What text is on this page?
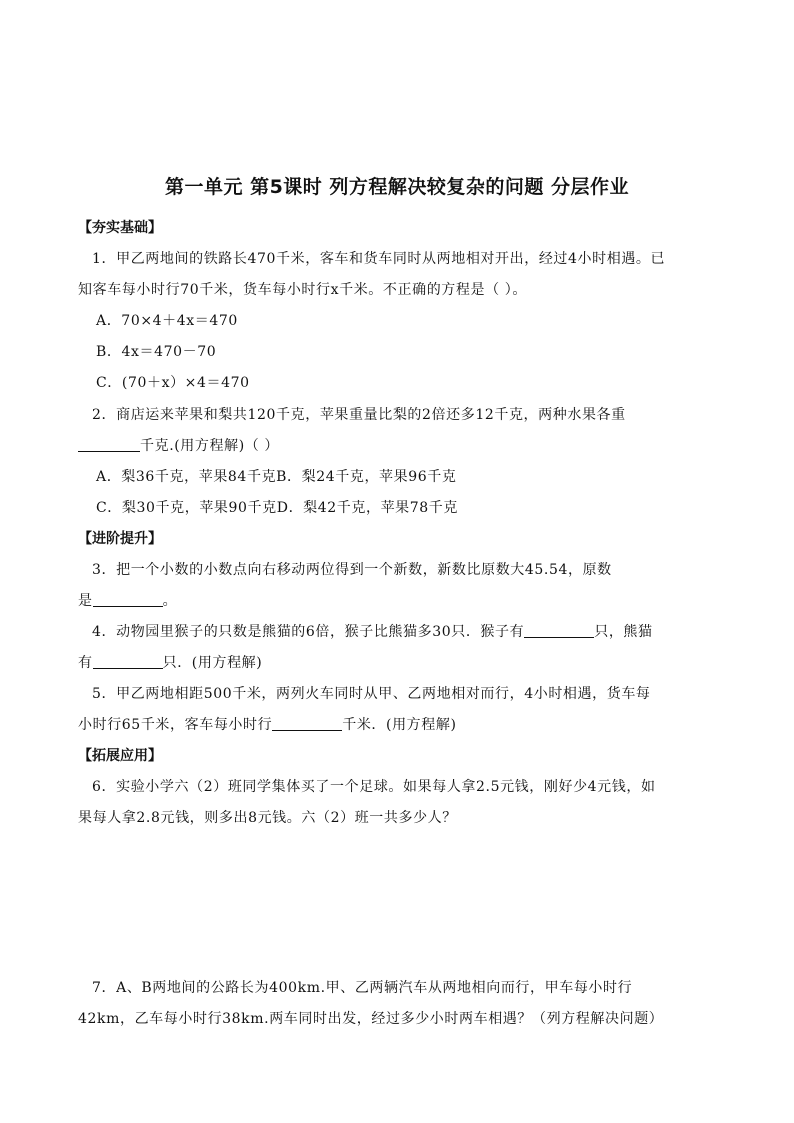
第一单元 第5课时 列方程解决较复杂的问题 分层作业
【夯实基础】
1．甲乙两地间的铁路长470千米，客车和货车同时从两地相对开出，经过4小时相遇。已
知客车每小时行70千米，货车每小时行x千米。不正确的方程是（ ）。
A．70×4＋4x＝470
B．4x＝470－70
C．(70＋x）×4＝470
2．商店运来苹果和梨共120千克，苹果重量比梨的2倍还多12千克，两种水果各重
千克.(用方程解)（ ）
A．梨36千克，苹果84千克B．梨24千克，苹果96千克
C．梨30千克，苹果90千克D．梨42千克，苹果78千克
【进阶提升】
3．把一个小数的小数点向右移动两位得到一个新数，新数比原数大45.54，原数
是	。
4．动物园里猴子的只数是熊猫的6倍，猴子比熊猫多30只．猴子有	只，熊猫
有	只．(用方程解)
5．甲乙两地相距500千米，两列火车同时从甲、乙两地相对而行，4小时相遇，货车每
小时行65千米，客车每小时行	千米．(用方程解)
【拓展应用】
6．实验小学六（2）班同学集体买了一个足球。如果每人拿2.5元钱，刚好少4元钱，如
果每人拿2.8元钱，则多出8元钱。六（2）班一共多少人？
7．A、B两地间的公路长为400km.甲、乙两辆汽车从两地相向而行，甲车每小时行
42km，乙车每小时行38km.两车同时出发，经过多少小时两车相遇？（列方程解决问题）
